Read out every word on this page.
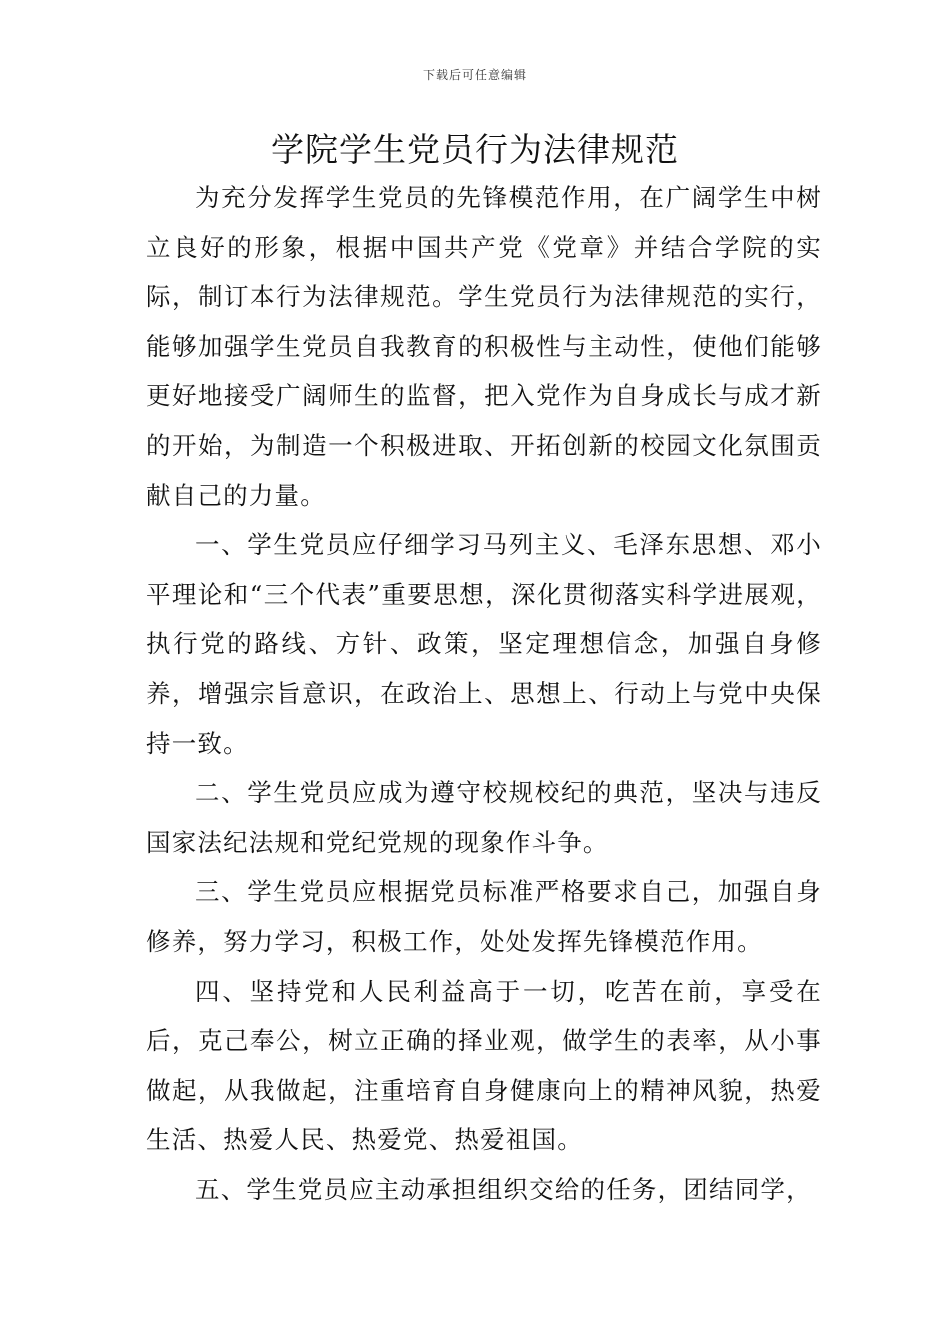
下载后可任意编辑
学院学生党员行为法律规范

为充分发挥学生党员的先锋模范作用，在广阔学生中树立良好的形象，根据中国共产党《党章》并结合学院的实际，制订本行为法律规范。学生党员行为法律规范的实行，能够加强学生党员自我教育的积极性与主动性，使他们能够更好地接受广阔师生的监督，把入党作为自身成长与成才新的开始，为制造一个积极进取、开拓创新的校园文化氛围贡献自己的力量。

一、学生党员应仔细学习马列主义、毛泽东思想、邓小平理论和“三个代表”重要思想，深化贯彻落实科学进展观，执行党的路线、方针、政策，坚定理想信念，加强自身修养，增强宗旨意识，在政治上、思想上、行动上与党中央保持一致。

二、学生党员应成为遵守校规校纪的典范，坚决与违反国家法纪法规和党纪党规的现象作斗争。

三、学生党员应根据党员标准严格要求自己，加强自身修养，努力学习，积极工作，处处发挥先锋模范作用。

四、坚持党和人民利益高于一切，吃苦在前，享受在后，克己奉公，树立正确的择业观，做学生的表率，从小事做起，从我做起，注重培育自身健康向上的精神风貌，热爱生活、热爱人民、热爱党、热爱祖国。

五、学生党员应主动承担组织交给的任务，团结同学，
